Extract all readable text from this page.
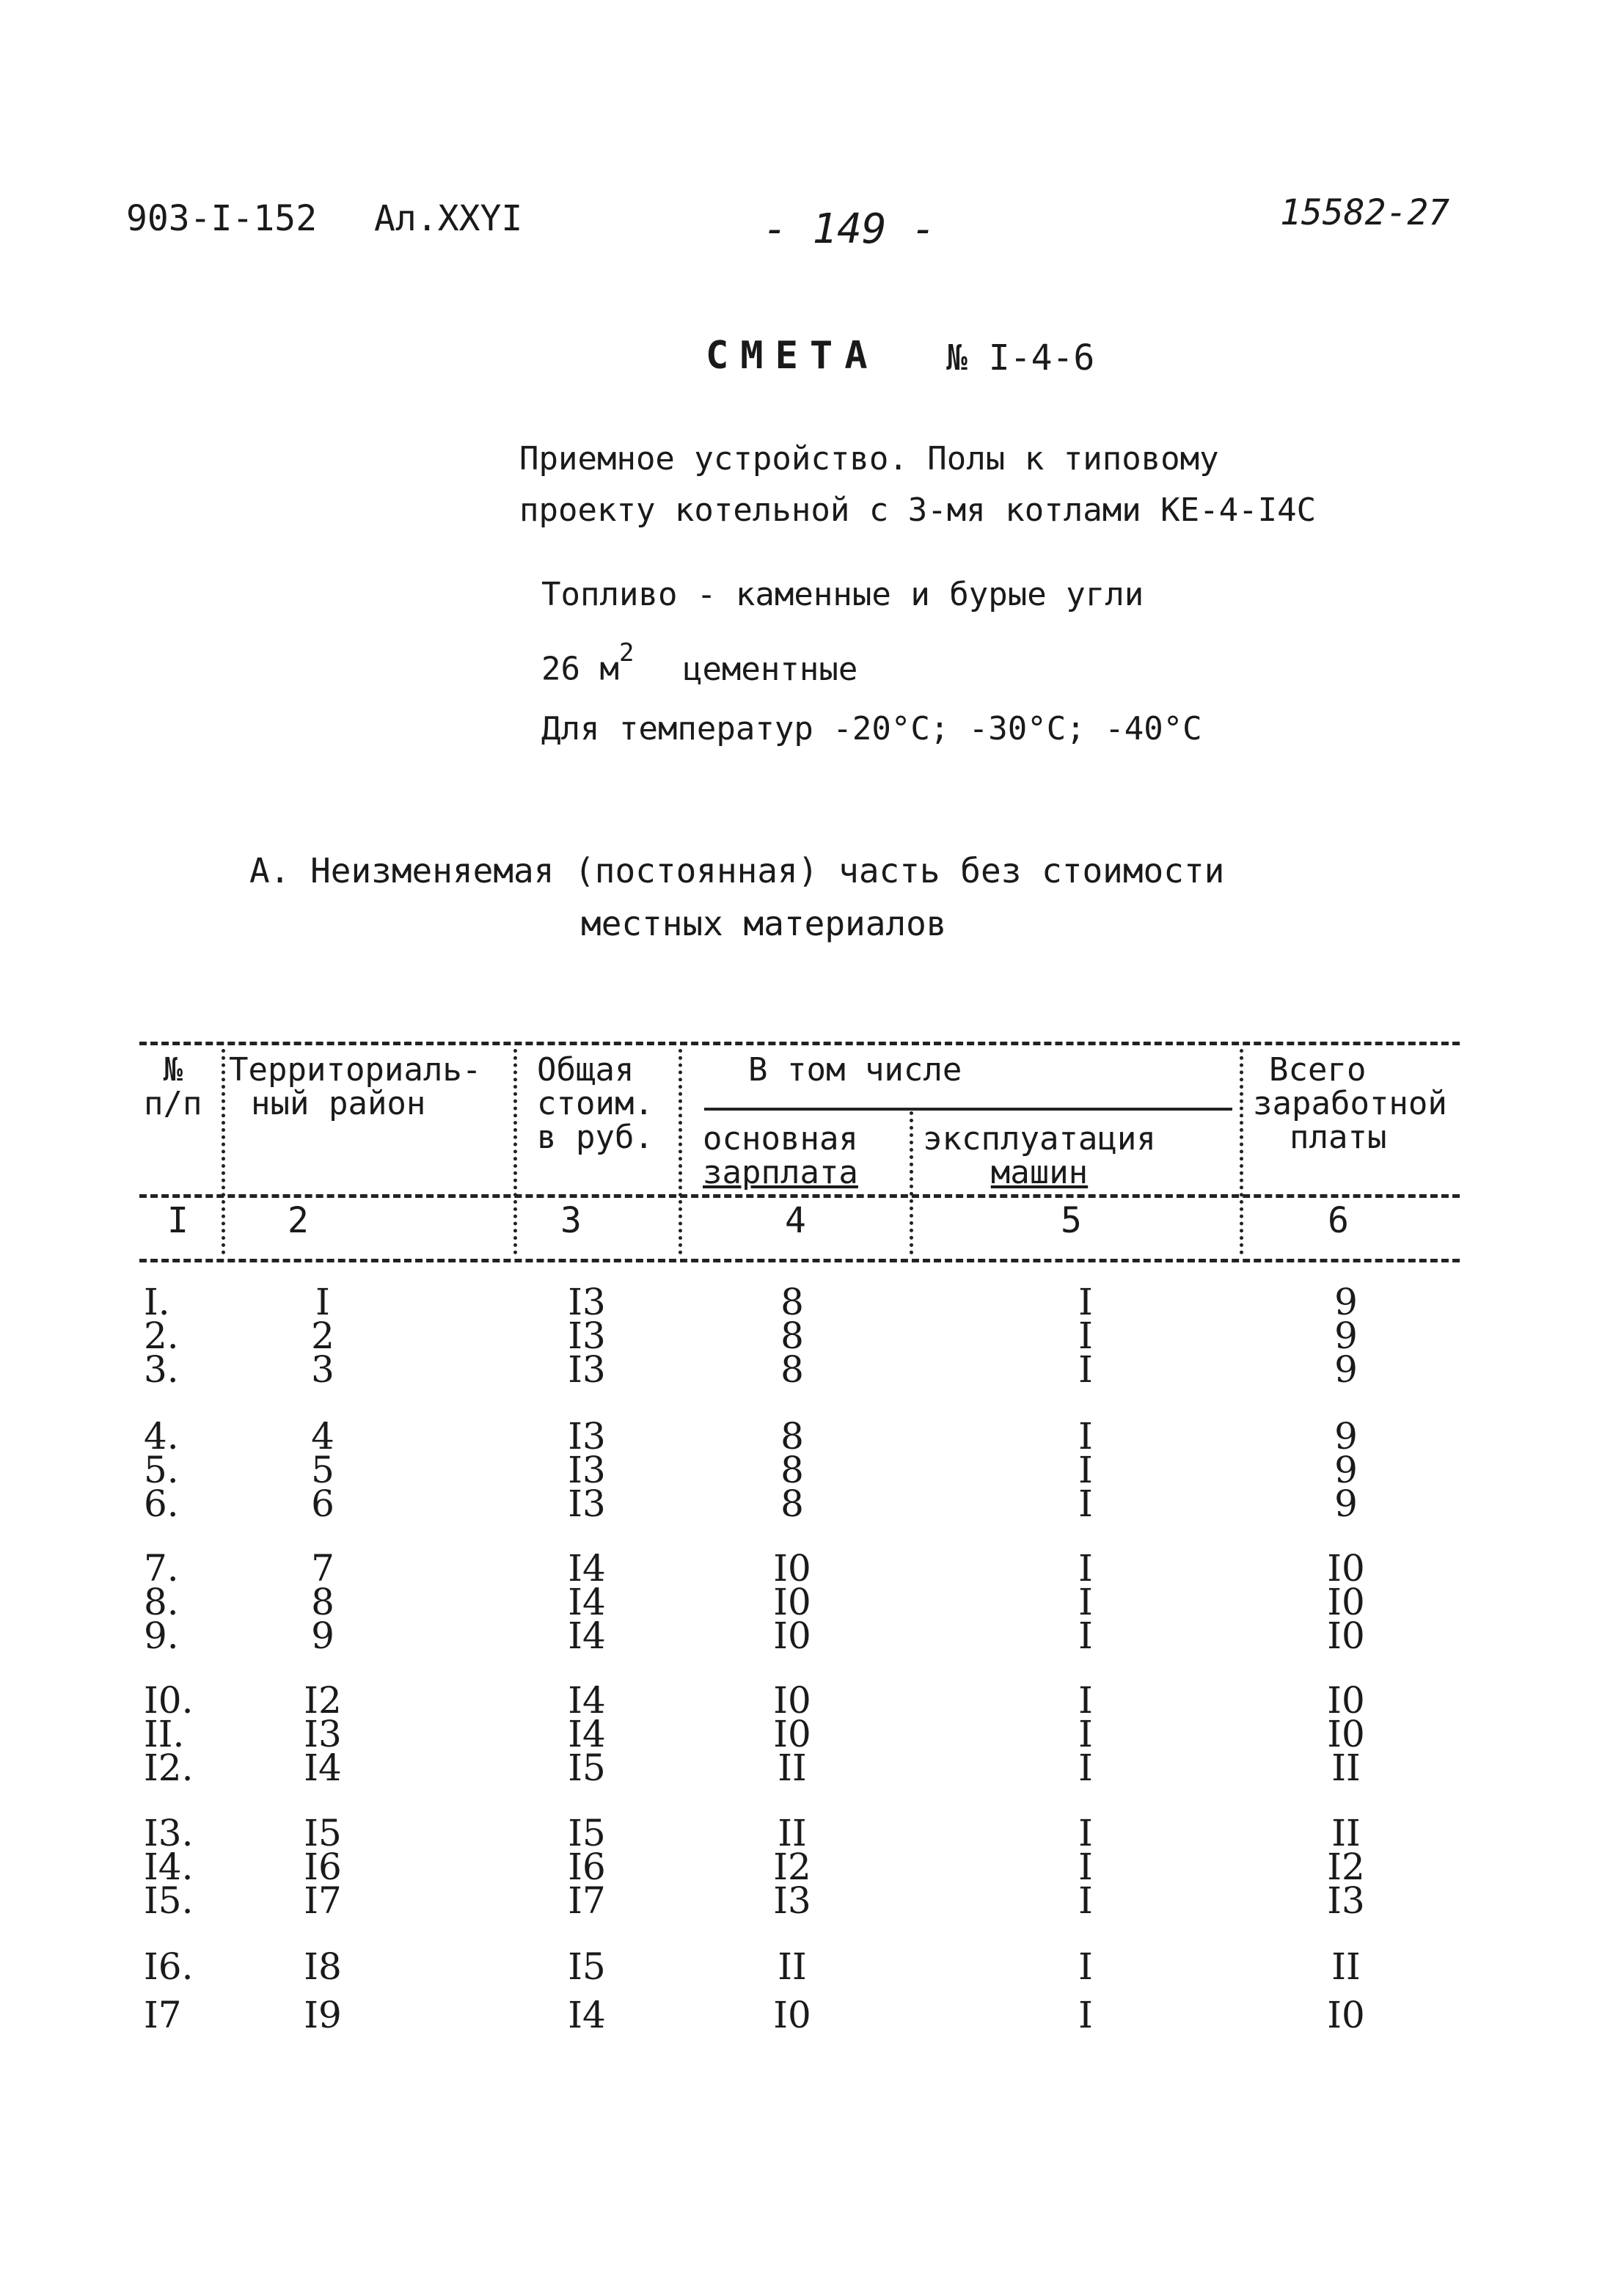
903-I-152 Ал.XXYI	- 149 -	15582-27
СМЕТА № I-4-6
Приемное устройство. Полы к типовому
проекту котельной с 3-мя котлами КЕ-4-I4С
Топливо - каменные и бурые угли
26 $м^2$ цементные
Для температур -20°С; -30°С; -40°С
А. Неизменяемая (постоянная) часть без стоимости
местных материалов
№
п/п
Территориаль-
ный район
Общая
стоим.
в руб.
В том числе
основная
зарплата
эксплуатация
машин
Всего
заработной
платы
I	2	3	4	5	6
I.	I	I3	8	I	9
2.	2	I3	8	I	9
3.	3	I3	8	I	9
4.	4	I3	8	I	9
5.	5	I3	8	I	9
6.	6	I3	8	I	9
7.	7	I4	I0	I	I0
8.	8	I4	I0	I	I0
9.	9	I4	I0	I	I0
I0.	I2	I4	I0	I	I0
II.	I3	I4	I0	I	I0
I2.	I4	I5	II	I	II
I3.	I5	I5	II	I	II
I4.	I6	I6	I2	I	I2
I5.	I7	I7	I3	I	I3
I6.	I8	I5	II	I	II
I7	I9	I4	I0	I	I0
